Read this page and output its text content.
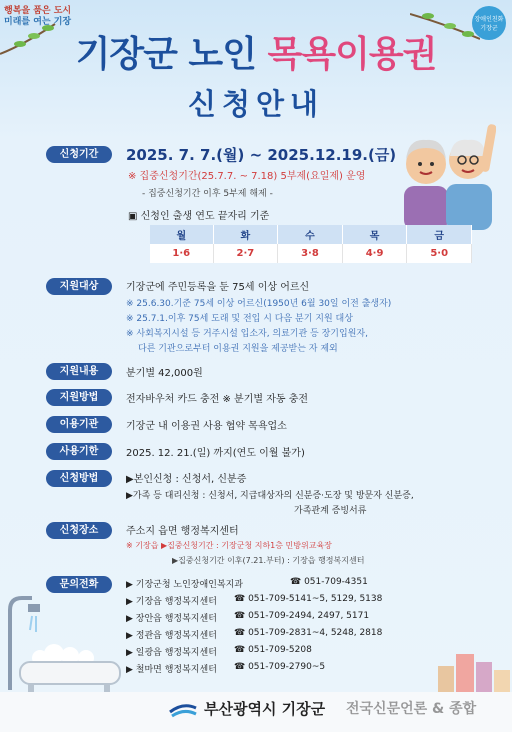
행복을 품은 도시
미래를 여는 기장	장애인친화 기장군
기장군 노인 목욕이용권
신청안내
신청기간	2025. 7. 7.(월) ~ 2025.12.19.(금)
※ 집중신청기간(25.7.7. ~ 7.18) 5부제(요일제) 운영
- 집중신청기간 이후 5부제 해제 -
▣ 신청인 출생 연도 끝자리 기준
월	화	수	목	금
1·6	2·7	3·8	4·9	5·0
지원대상	기장군에 주민등록을 둔 75세 이상 어르신
※ 25.6.30.기준 75세 이상 어르신(1950년 6월 30일 이전 출생자)
※ 25.7.1.이후 75세 도래 및 전입 시 다음 분기 지원 대상
※ 사회복지시설 등 거주시설 입소자, 의료기관 등 장기입원자,
다른 기관으로부터 이용권 지원을 제공받는 자 제외
지원내용	분기별 42,000원
지원방법	전자바우처 카드 충전 ※ 분기별 자동 충전
이용기관	기장군 내 이용권 사용 협약 목욕업소
사용기한	2025. 12. 21.(일) 까지(연도 이월 불가)
신청방법	▶본인신청 : 신청서, 신분증
▶가족 등 대리신청 : 신청서, 지급대상자의 신분증·도장 및 방문자 신분증,
가족관계 증빙서류
신청장소	주소지 읍면 행정복지센터
※ 기장읍 ▶집중신청기간 : 기장군청 지하1층 민방위교육장
▶집중신청기간 이후(7.21.부터) : 기장읍 행정복지센터
문의전화	▶ 기장군청 노인장애인복지과	☎ 051-709-4351
▶ 기장읍 행정복지센터 ☎ 051-709-5141~5, 5129, 5138
▶ 장안읍 행정복지센터 ☎ 051-709-2494, 2497, 5171
▶ 정관읍 행정복지센터 ☎ 051-709-2831~4, 5248, 2818
▶ 일광읍 행정복지센터 ☎ 051-709-5208
▶ 철마면 행정복지센터 ☎ 051-709-2790~5
부산광역시 기장군 전국신문언론 & 종합
